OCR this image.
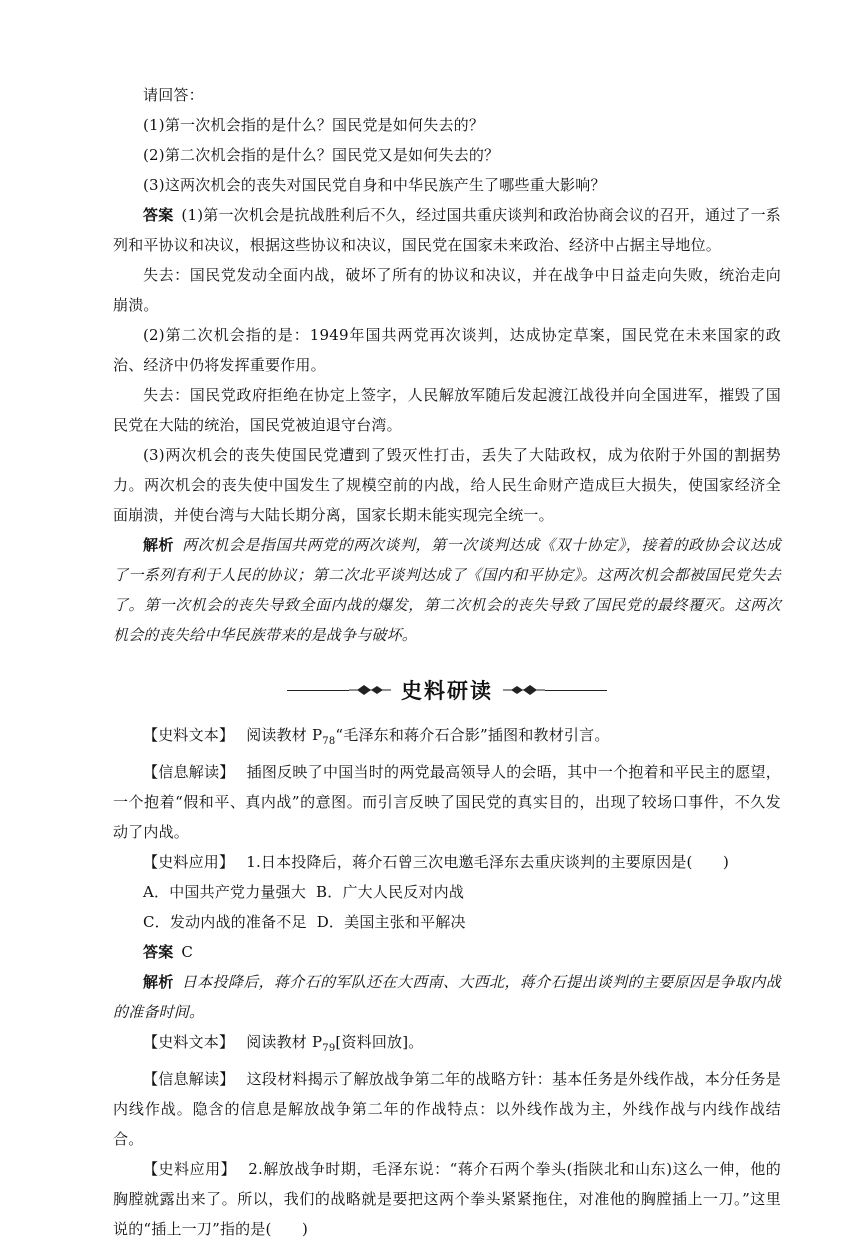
请回答：

(1)第一次机会指的是什么？国民党是如何失去的？

(2)第二次机会指的是什么？国民党又是如何失去的？

(3)这两次机会的丧失对国民党自身和中华民族产生了哪些重大影响？

答案 (1)第一次机会是抗战胜利后不久，经过国共重庆谈判和政治协商会议的召开，通过了一系列和平协议和决议，根据这些协议和决议，国民党在国家未来政治、经济中占据主导地位。

失去：国民党发动全面内战，破坏了所有的协议和决议，并在战争中日益走向失败，统治走向崩溃。

(2)第二次机会指的是：1949年国共两党再次谈判，达成协定草案，国民党在未来国家的政治、经济中仍将发挥重要作用。

失去：国民党政府拒绝在协定上签字，人民解放军随后发起渡江战役并向全国进军，摧毁了国民党在大陆的统治，国民党被迫退守台湾。

(3)两次机会的丧失使国民党遭到了毁灭性打击，丢失了大陆政权，成为依附于外国的割据势力。两次机会的丧失使中国发生了规模空前的内战，给人民生命财产造成巨大损失，使国家经济全面崩溃，并使台湾与大陆长期分离，国家长期未能实现完全统一。

解析 两次机会是指国共两党的两次谈判，第一次谈判达成《双十协定》，接着的政协会议达成了一系列有利于人民的协议；第二次北平谈判达成了《国内和平协定》。这两次机会都被国民党失去了。第一次机会的丧失导致全面内战的爆发，第二次机会的丧失导致了国民党的最终覆灭。这两次机会的丧失给中华民族带来的是战争与破坏。

史料研读

【史料文本】 阅读教材 $P_{78}“$毛泽东和蒋介石合影”插图和教材引言。

【信息解读】 插图反映了中国当时的两党最高领导人的会晤，其中一个抱着和平民主的愿望，一个抱着“假和平、真内战”的意图。而引言反映了国民党的真实目的，出现了较场口事件，不久发动了内战。

【史料应用】 1.日本投降后，蒋介石曾三次电邀毛泽东去重庆谈判的主要原因是(　　)

A．中国共产党力量强大 B．广大人民反对内战

C．发动内战的准备不足 D．美国主张和平解决

答案 C

解析 日本投降后，蒋介石的军队还在大西南、大西北，蒋介石提出谈判的主要原因是争取内战的准备时间。

【史料文本】 阅读教材 $P_{79}$[资料回放]。

【信息解读】 这段材料揭示了解放战争第二年的战略方针：基本任务是外线作战，本分任务是内线作战。隐含的信息是解放战争第二年的作战特点：以外线作战为主，外线作战与内线作战结合。

【史料应用】 2.解放战争时期，毛泽东说：“蒋介石两个拳头(指陕北和山东)这么一伸，他的胸膛就露出来了。所以，我们的战略就是要把这两个拳头紧紧拖住，对准他的胸膛插上一刀。”这里说的“插上一刀”指的是(　　)
